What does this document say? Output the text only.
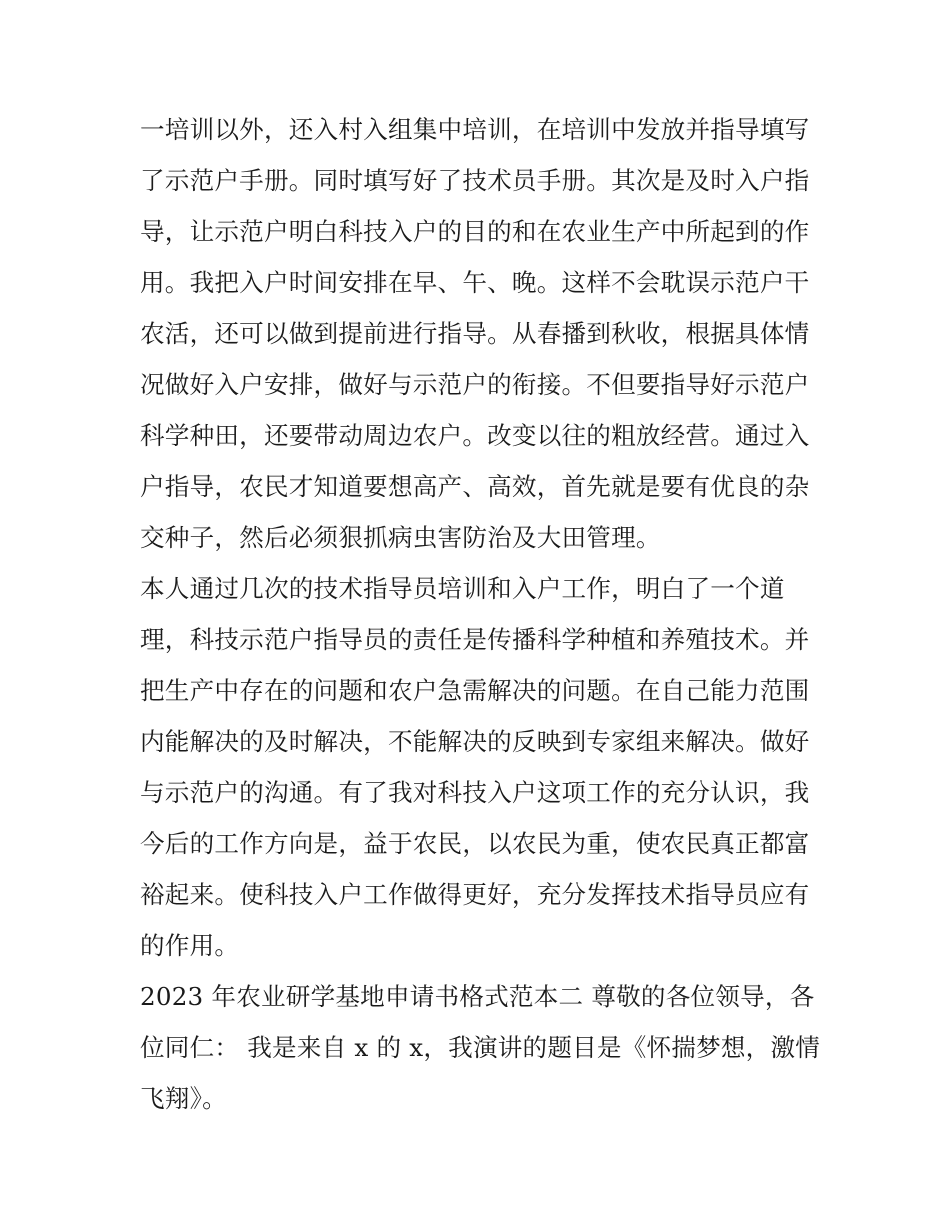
一培训以外，还入村入组集中培训，在培训中发放并指导填写
了示范户手册。同时填写好了技术员手册。其次是及时入户指
导，让示范户明白科技入户的目的和在农业生产中所起到的作
用。我把入户时间安排在早、午、晚。这样不会耽误示范户干
农活，还可以做到提前进行指导。从春播到秋收，根据具体情
况做好入户安排，做好与示范户的衔接。不但要指导好示范户
科学种田，还要带动周边农户。改变以往的粗放经营。通过入
户指导，农民才知道要想高产、高效，首先就是要有优良的杂
交种子，然后必须狠抓病虫害防治及大田管理。
本人通过几次的技术指导员培训和入户工作，明白了一个道
理，科技示范户指导员的责任是传播科学种植和养殖技术。并
把生产中存在的问题和农户急需解决的问题。在自己能力范围
内能解决的及时解决，不能解决的反映到专家组来解决。做好
与示范户的沟通。有了我对科技入户这项工作的充分认识，我
今后的工作方向是，益于农民，以农民为重，使农民真正都富
裕起来。使科技入户工作做得更好，充分发挥技术指导员应有
的作用。
2023 年农业研学基地申请书格式范本二 尊敬的各位领导，各
位同仁： 我是来自 x 的 x，我演讲的题目是《怀揣梦想，激情
飞翔》。
